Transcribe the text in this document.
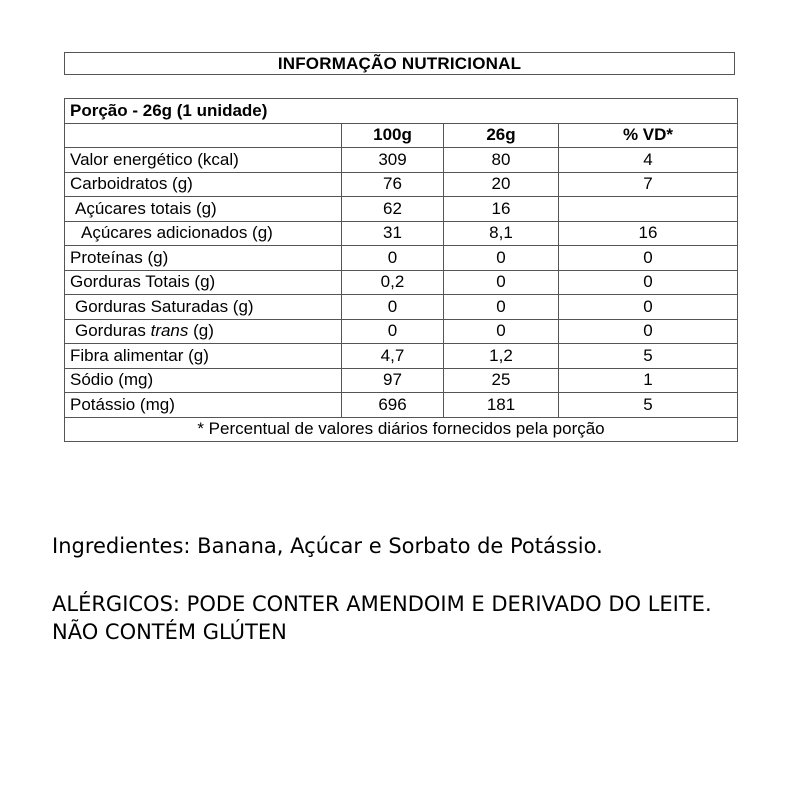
INFORMAÇÃO NUTRICIONAL
Porção - 26g (1 unidade)			
	100g	26g	% VD*
Valor energético (kcal)	309	80	4
Carboidratos (g)	76	20	7
Açúcares totais (g)	62	16	
Açúcares adicionados (g)	31	8,1	16
Proteínas (g)	0	0	0
Gorduras Totais (g)	0,2	0	0
Gorduras Saturadas (g)	0	0	0
Gorduras trans (g)	0	0	0
Fibra alimentar (g)	4,7	1,2	5
Sódio (mg)	97	25	1
Potássio (mg)	696	181	5
* Percentual de valores diários fornecidos pela porção			

Ingredientes: Banana, Açúcar e Sorbato de Potássio.

ALÉRGICOS: PODE CONTER AMENDOIM E DERIVADO DO LEITE.

NÃO CONTÉM GLÚTEN
